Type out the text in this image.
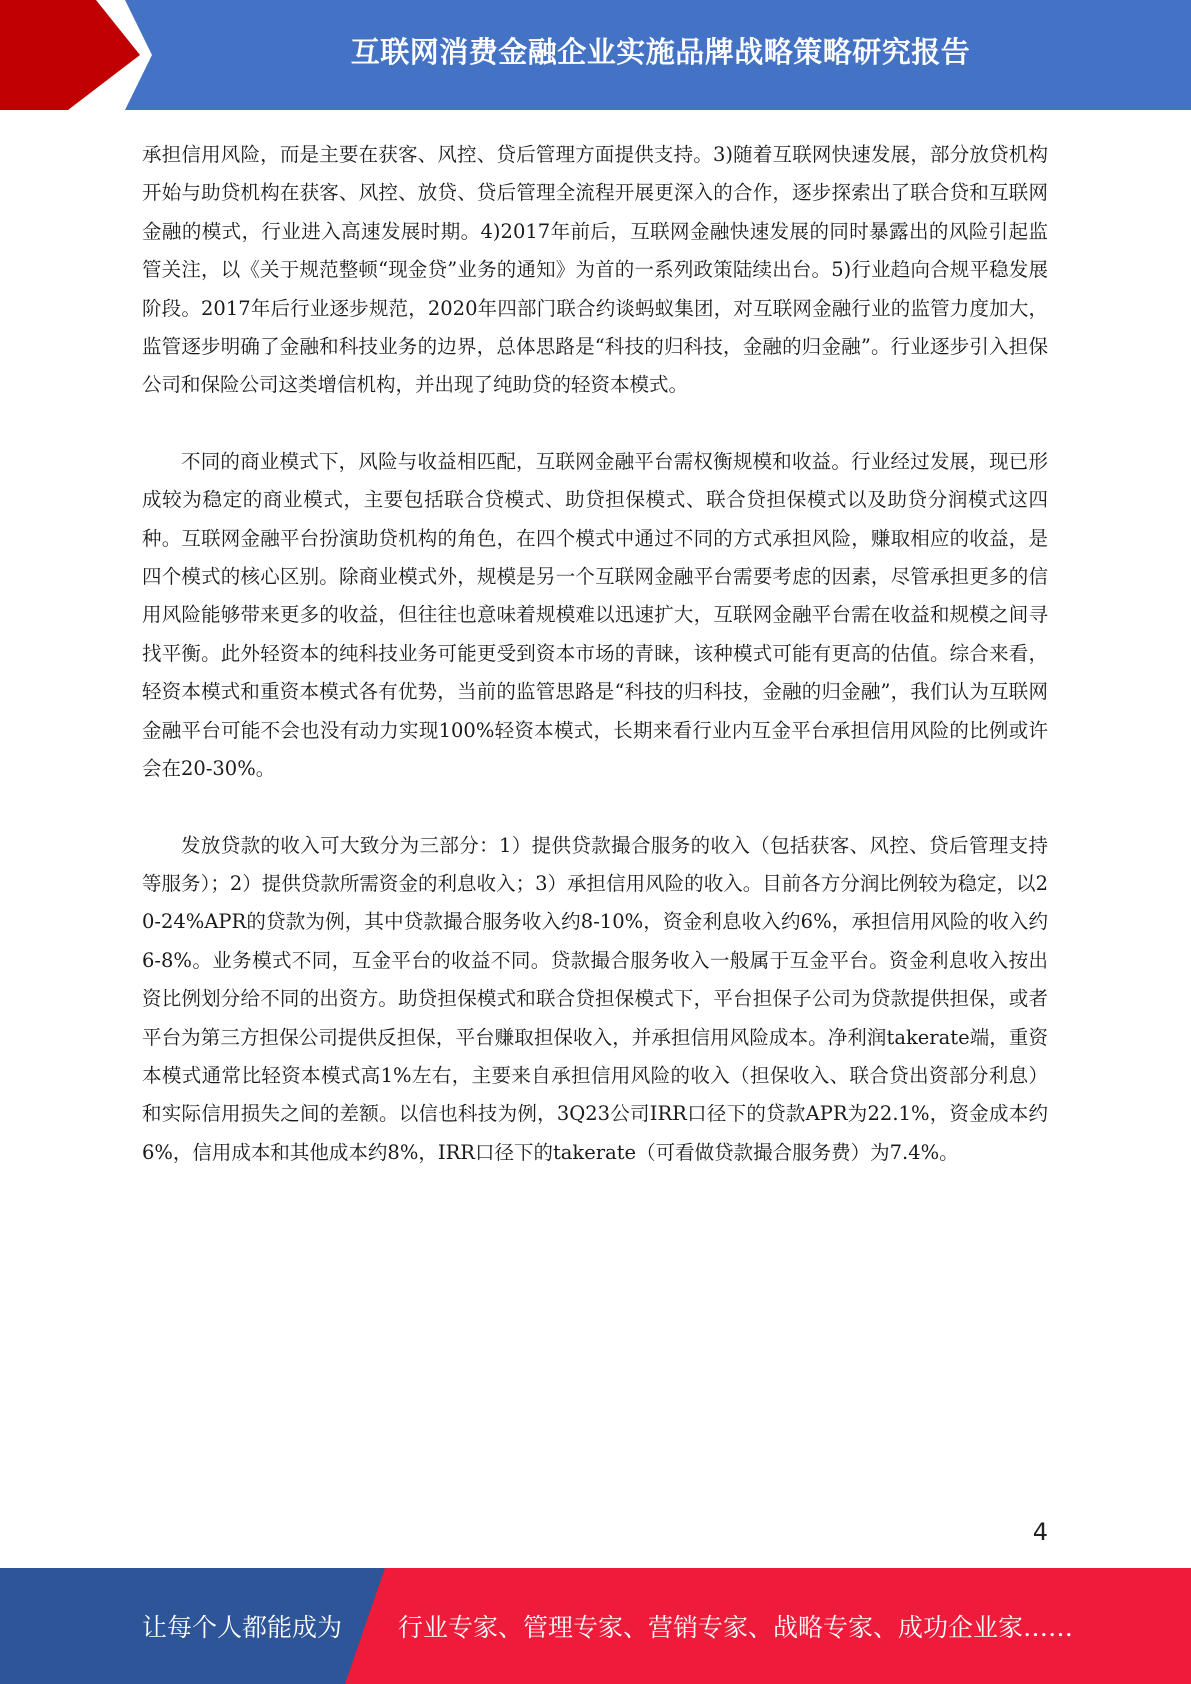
互联网消费金融企业实施品牌战略策略研究报告

承担信用风险，而是主要在获客、风控、贷后管理方面提供支持。3)随着互联网快速发展，部分放贷机构开始与助贷机构在获客、风控、放贷、贷后管理全流程开展更深入的合作，逐步探索出了联合贷和互联网金融的模式，行业进入高速发展时期。4)2017年前后，互联网金融快速发展的同时暴露出的风险引起监管关注，以《关于规范整顿“现金贷”业务的通知》为首的一系列政策陆续出台。5)行业趋向合规平稳发展阶段。2017年后行业逐步规范，2020年四部门联合约谈蚂蚁集团，对互联网金融行业的监管力度加大，监管逐步明确了金融和科技业务的边界，总体思路是“科技的归科技，金融的归金融”。行业逐步引入担保公司和保险公司这类增信机构，并出现了纯助贷的轻资本模式。

不同的商业模式下，风险与收益相匹配，互联网金融平台需权衡规模和收益。行业经过发展，现已形成较为稳定的商业模式，主要包括联合贷模式、助贷担保模式、联合贷担保模式以及助贷分润模式这四种。互联网金融平台扮演助贷机构的角色，在四个模式中通过不同的方式承担风险，赚取相应的收益，是四个模式的核心区别。除商业模式外，规模是另一个互联网金融平台需要考虑的因素，尽管承担更多的信用风险能够带来更多的收益，但往往也意味着规模难以迅速扩大，互联网金融平台需在收益和规模之间寻找平衡。此外轻资本的纯科技业务可能更受到资本市场的青睐，该种模式可能有更高的估值。综合来看，轻资本模式和重资本模式各有优势，当前的监管思路是“科技的归科技，金融的归金融”，我们认为互联网金融平台可能不会也没有动力实现100%轻资本模式，长期来看行业内互金平台承担信用风险的比例或许会在20-30%。

发放贷款的收入可大致分为三部分：1）提供贷款撮合服务的收入（包括获客、风控、贷后管理支持等服务）；2）提供贷款所需资金的利息收入；3）承担信用风险的收入。目前各方分润比例较为稳定，以20-24%APR的贷款为例，其中贷款撮合服务收入约8-10%，资金利息收入约6%，承担信用风险的收入约6-8%。业务模式不同，互金平台的收益不同。贷款撮合服务收入一般属于互金平台。资金利息收入按出资比例划分给不同的出资方。助贷担保模式和联合贷担保模式下，平台担保子公司为贷款提供担保，或者平台为第三方担保公司提供反担保，平台赚取担保收入，并承担信用风险成本。净利润takerate端，重资本模式通常比轻资本模式高1%左右，主要来自承担信用风险的收入（担保收入、联合贷出资部分利息）和实际信用损失之间的差额。以信也科技为例，3Q23公司IRR口径下的贷款APR为22.1%，资金成本约6%，信用成本和其他成本约8%，IRR口径下的takerate（可看做贷款撮合服务费）为7.4%。

4
让每个人都能成为 行业专家、管理专家、营销专家、战略专家、成功企业家……
